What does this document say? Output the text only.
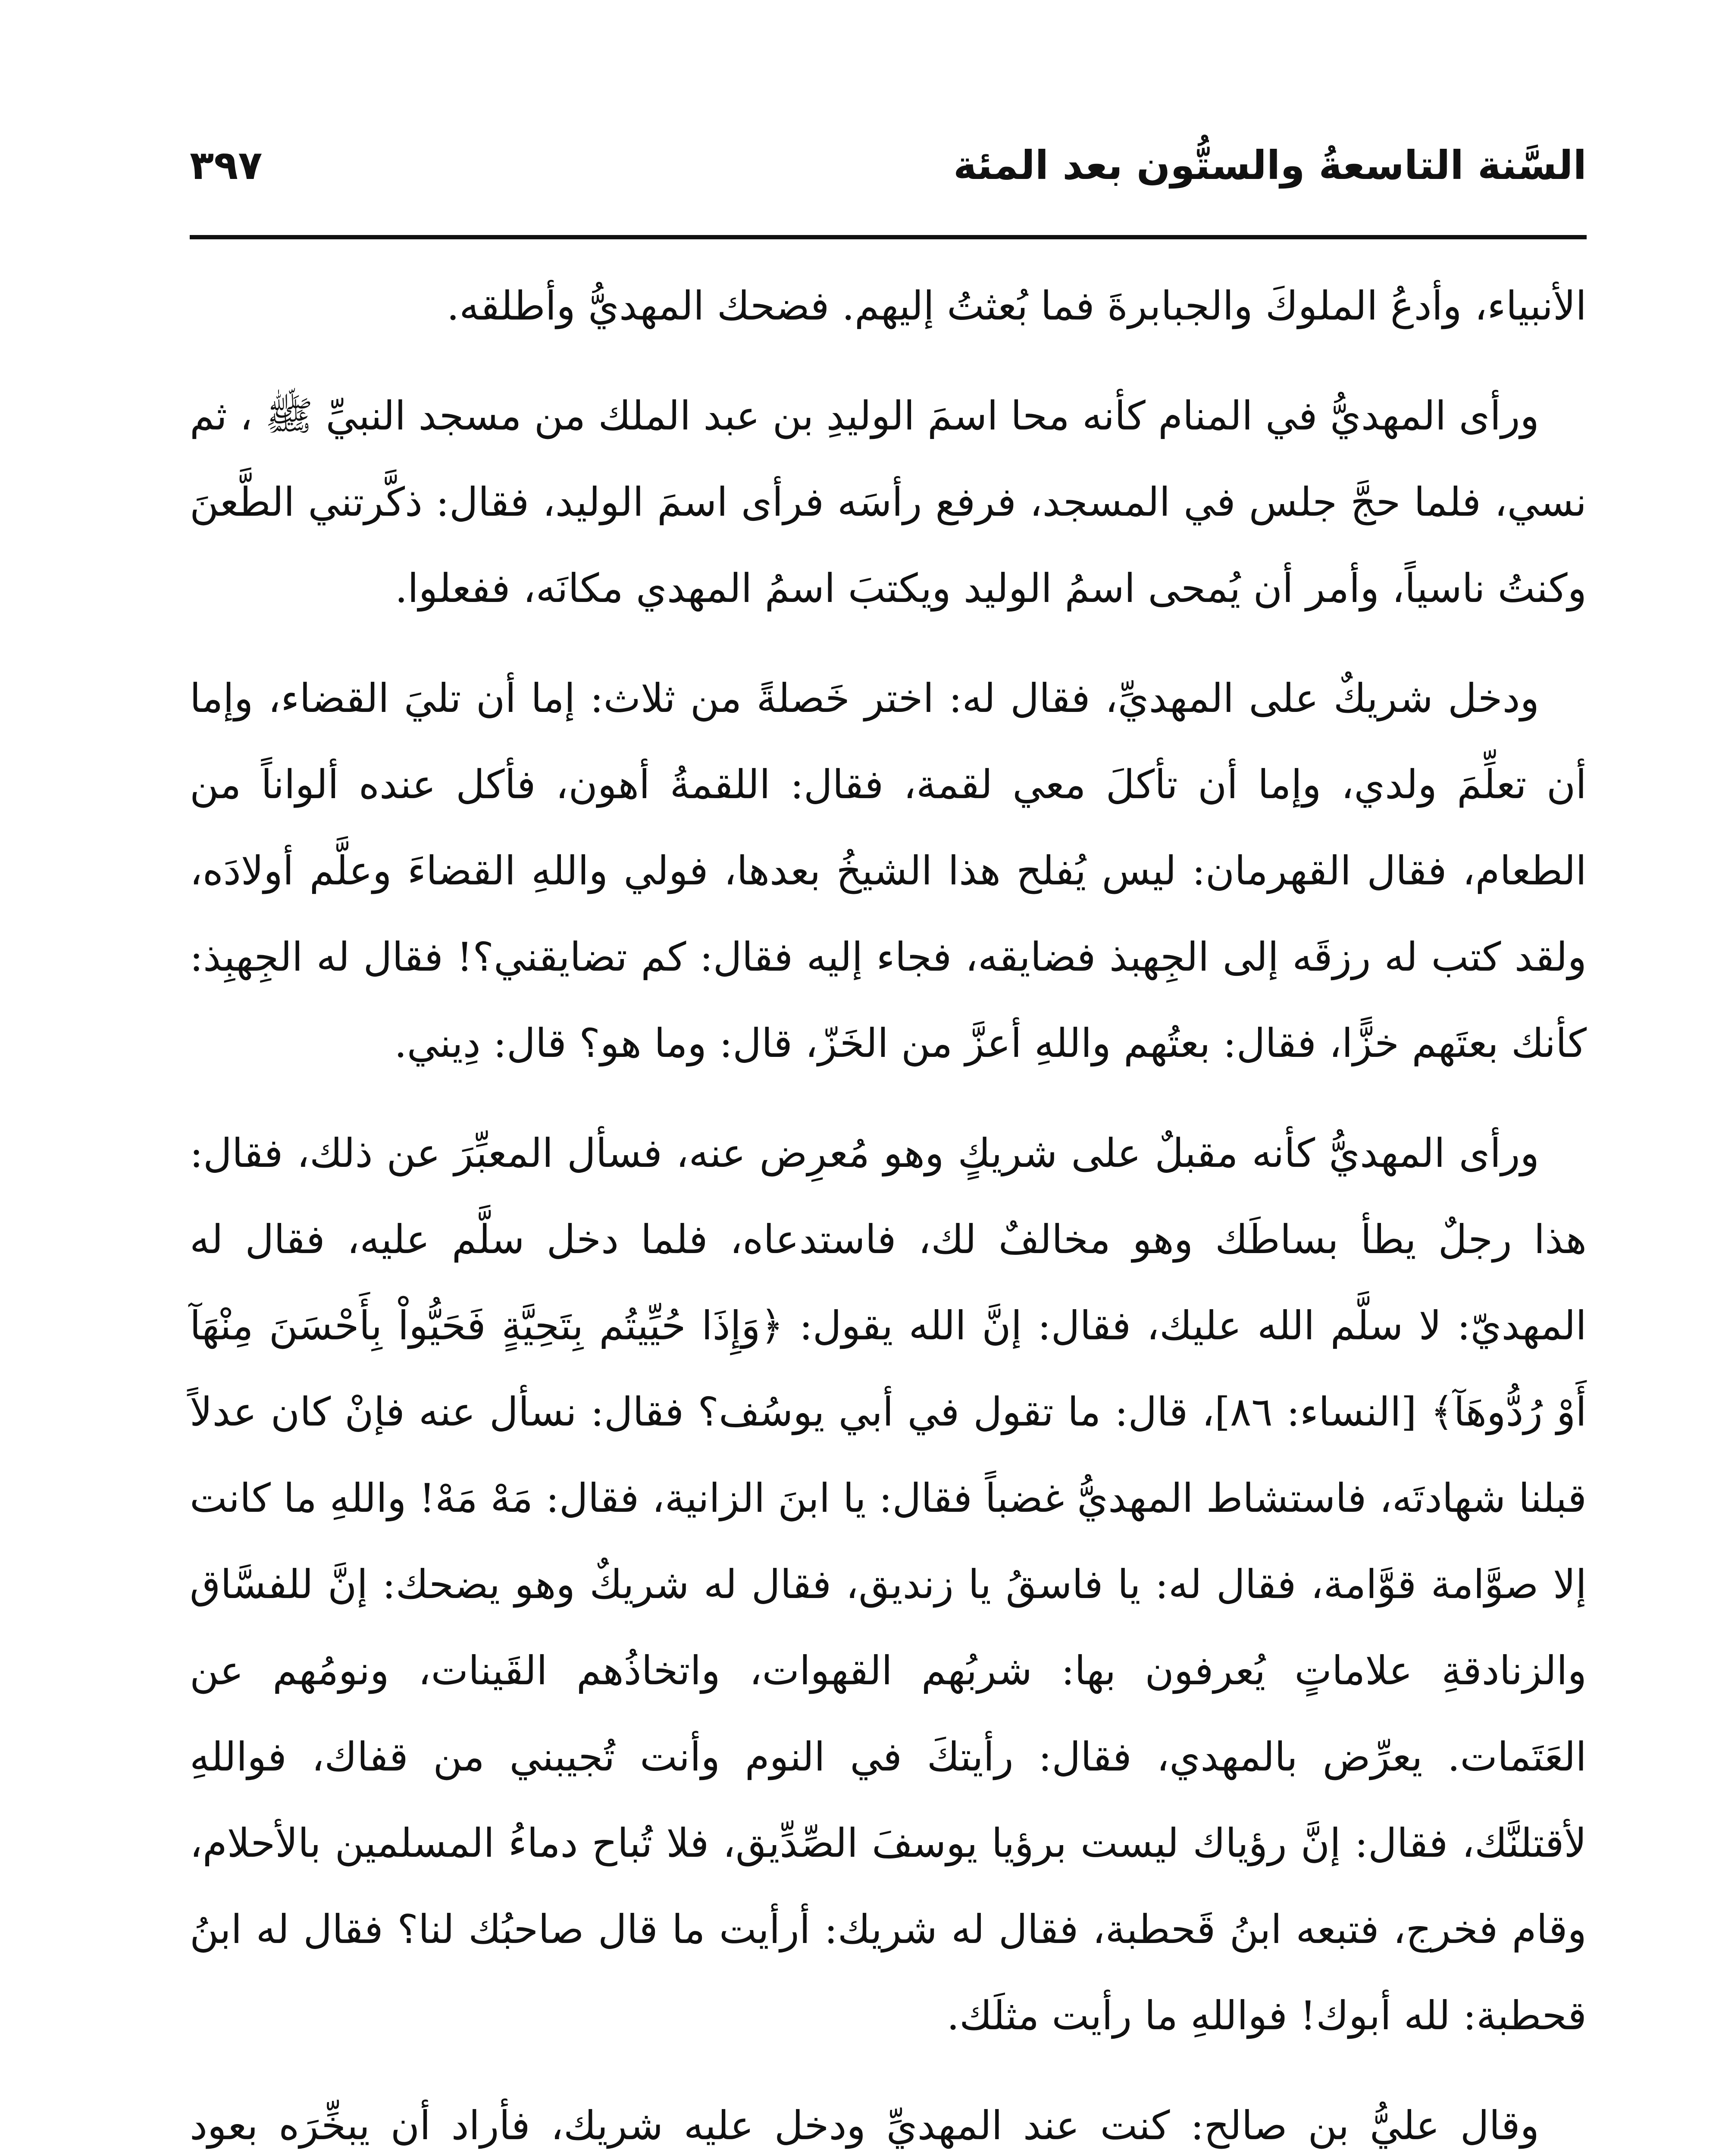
السَّنة التاسعةُ والستُّون بعد المئة
٣٩٧

الأنبياء، وأدعُ الملوكَ والجبابرةَ فما بُعثتُ إليهم. فضحك المهديُّ وأطلقه.

ورأى المهديُّ في المنام كأنه محا اسمَ الوليدِ بن عبد الملك من مسجد النبيِّ ﷺ ، ثم نسي، فلما حجَّ جلس في المسجد، فرفع رأسَه فرأى اسمَ الوليد، فقال: ذكَّرتني الطَّعنَ وكنتُ ناسياً، وأمر أن يُمحى اسمُ الوليد ويكتبَ اسمُ المهدي مكانَه، ففعلوا.

ودخل شريكٌ على المهديِّ، فقال له: اختر خَصلةً من ثلاث: إما أن تليَ القضاء، وإما أن تعلِّمَ ولدي، وإما أن تأكلَ معي لقمة، فقال: اللقمةُ أهون، فأكل عنده ألواناً من الطعام، فقال القهرمان: ليس يُفلح هذا الشيخُ بعدها، فولي واللهِ القضاءَ وعلَّم أولادَه، ولقد كتب له رزقَه إلى الجِهبذ فضايقه، فجاء إليه فقال: كم تضايقني؟! فقال له الجِهبِذ: كأنك بعتَهم خزًّا، فقال: بعتُهم واللهِ أعزَّ من الخَزّ، قال: وما هو؟ قال: دِيني.

ورأى المهديُّ كأنه مقبلٌ على شريكٍ وهو مُعرِض عنه، فسأل المعبِّرَ عن ذلك، فقال: هذا رجلٌ يطأ بساطَك وهو مخالفٌ لك، فاستدعاه، فلما دخل سلَّم عليه، فقال له المهديّ: لا سلَّم الله عليك، فقال: إنَّ الله يقول: ﴿وَإِذَا حُيِّيتُم بِتَحِيَّةٍ فَحَيُّواْ بِأَحْسَنَ مِنْهَآ أَوْ رُدُّوهَآ﴾ [النساء: ٨٦]، قال: ما تقول في أبي يوسُف؟ فقال: نسأل عنه فإنْ كان عدلاً قبلنا شهادتَه، فاستشاط المهديُّ غضباً فقال: يا ابنَ الزانية، فقال: مَهْ مَهْ! واللهِ ما كانت إلا صوَّامة قوَّامة، فقال له: يا فاسقُ يا زنديق، فقال له شريكٌ وهو يضحك: إنَّ للفسَّاق والزنادقةِ علاماتٍ يُعرفون بها: شربُهم القهوات، واتخاذُهم القَينات، ونومُهم عن العَتَمات. يعرِّض بالمهدي، فقال: رأيتكَ في النوم وأنت تُجيبني من قفاك، فواللهِ لأقتلنَّك، فقال: إنَّ رؤياك ليست برؤيا يوسفَ الصِّدِّيق، فلا تُباح دماءُ المسلمين بالأحلام، وقام فخرج، فتبعه ابنُ قَحطبة، فقال له شريك: أرأيت ما قال صاحبُك لنا؟ فقال له ابنُ قحطبة: لله أبوك! فواللهِ ما رأيت مثلَك.

وقال عليُّ بن صالح: كنت عند المهديِّ ودخل عليه شريك، فأراد أن يبخِّرَه بعود
